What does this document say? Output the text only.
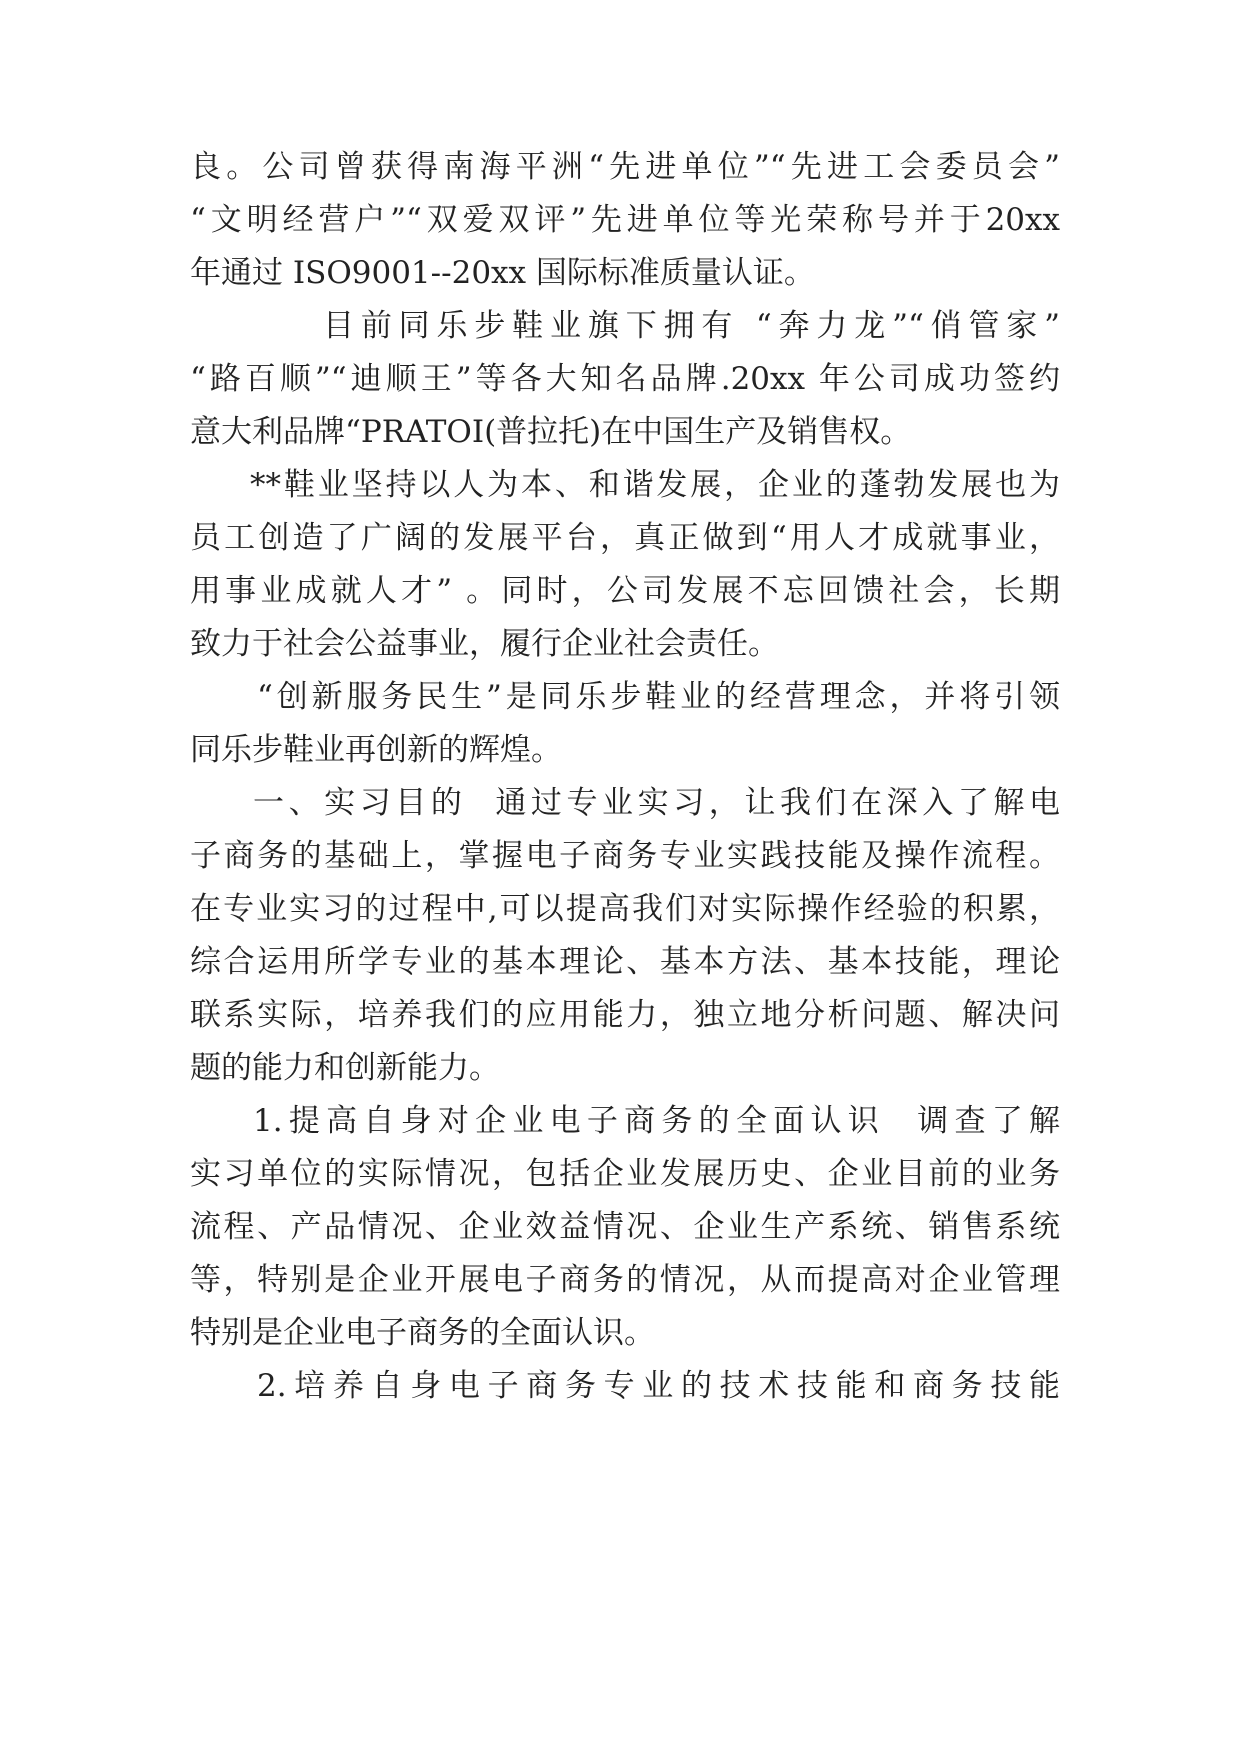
良。公司曾获得南海平洲“先进单位”“先进工会委员会”
“文明经营户”“双爱双评”先进单位等光荣称号并于20xx
年通过 ISO9001--20xx 国际标准质量认证。
目前同乐步鞋业旗下拥有 “奔力龙”“俏管家”
“路百顺”“迪顺王”等各大知名品牌.20xx 年公司成功签约
意大利品牌“PRATOI(普拉托)在中国生产及销售权。
**鞋业坚持以人为本、和谐发展，企业的蓬勃发展也为
员工创造了广阔的发展平台，真正做到“用人才成就事业，
用事业成就人才” 。同时，公司发展不忘回馈社会，长期
致力于社会公益事业，履行企业社会责任。
“创新服务民生”是同乐步鞋业的经营理念，并将引领
同乐步鞋业再创新的辉煌。
一、实习目的  通过专业实习，让我们在深入了解电
子商务的基础上，掌握电子商务专业实践技能及操作流程。
在专业实习的过程中,可以提高我们对实际操作经验的积累，
综合运用所学专业的基本理论、基本方法、基本技能，理论
联系实际，培养我们的应用能力，独立地分析问题、解决问
题的能力和创新能力。
1.提高自身对企业电子商务的全面认识  调查了解
实习单位的实际情况，包括企业发展历史、企业目前的业务
流程、产品情况、企业效益情况、企业生产系统、销售系统
等，特别是企业开展电子商务的情况，从而提高对企业管理
特别是企业电子商务的全面认识。
2.培养自身电子商务专业的技术技能和商务技能
